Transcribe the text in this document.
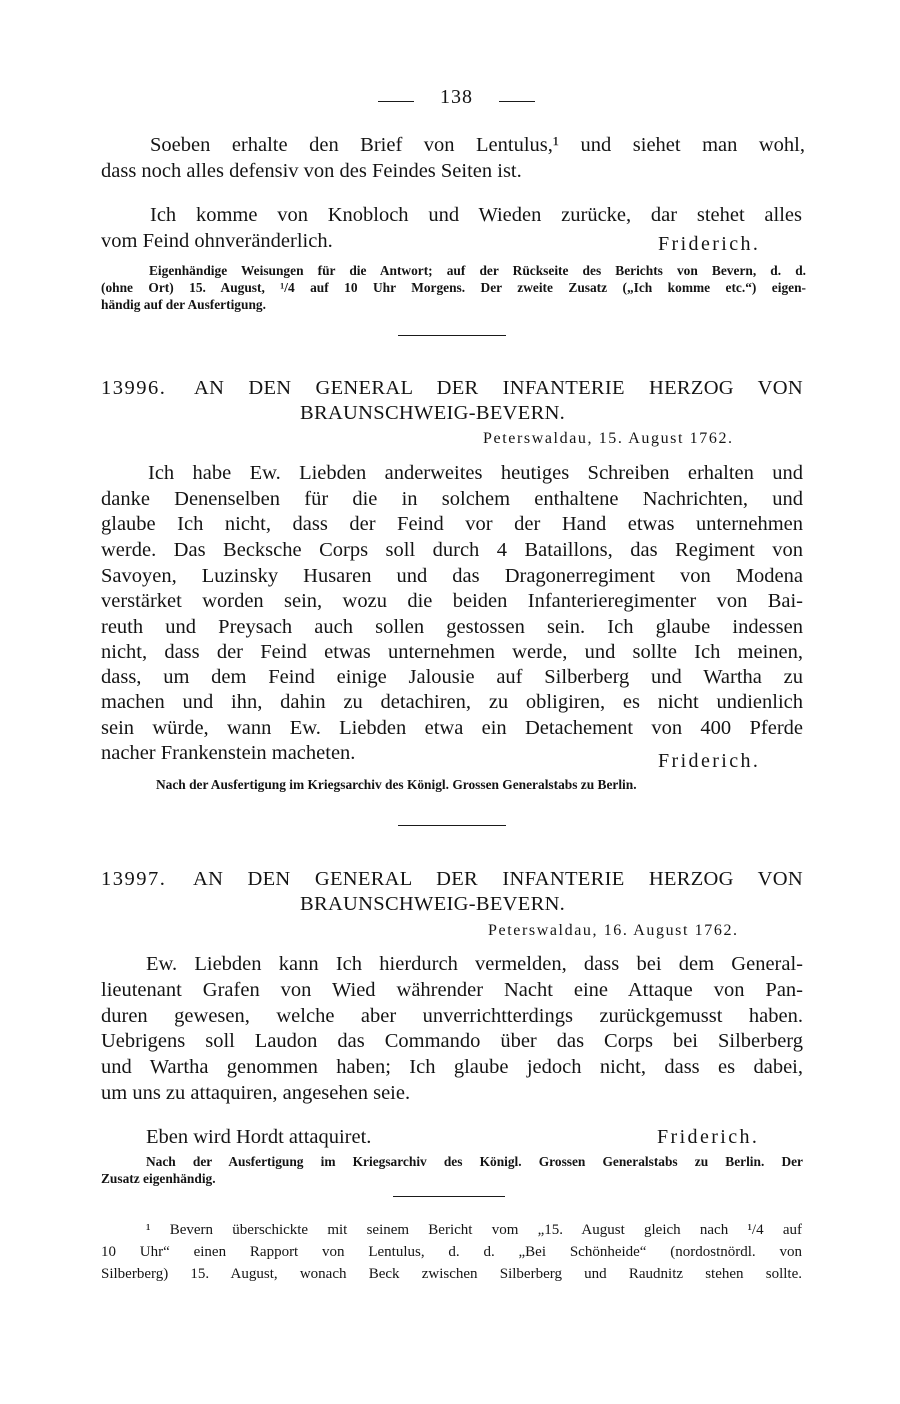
138
Soeben erhalte den Brief von Lentulus,¹ und siehet man wohl,
dass noch alles defensiv von des Feindes Seiten ist.
Ich komme von Knobloch und Wieden zurücke, dar stehet alles
vom Feind ohnveränderlich.	Friderich.
Eigenhändige Weisungen für die Antwort; auf der Rückseite des Berichts von Bevern, d. d.
(ohne Ort) 15. August, ¹/4 auf 10 Uhr Morgens. Der zweite Zusatz („Ich komme etc.“) eigen-
händig auf der Ausfertigung.
13996. AN DEN GENERAL DER INFANTERIE HERZOG VON
BRAUNSCHWEIG-BEVERN.
Peterswaldau, 15. August 1762.
Ich habe Ew. Liebden anderweites heutiges Schreiben erhalten und
danke Denenselben für die in solchem enthaltene Nachrichten, und
glaube Ich nicht, dass der Feind vor der Hand etwas unternehmen
werde. Das Becksche Corps soll durch 4 Bataillons, das Regiment von
Savoyen, Luzinsky Husaren und das Dragonerregiment von Modena
verstärket worden sein, wozu die beiden Infanterieregimenter von Bai-
reuth und Preysach auch sollen gestossen sein. Ich glaube indessen
nicht, dass der Feind etwas unternehmen werde, und sollte Ich meinen,
dass, um dem Feind einige Jalousie auf Silberberg und Wartha zu
machen und ihn, dahin zu detachiren, zu obligiren, es nicht undienlich
sein würde, wann Ew. Liebden etwa ein Detachement von 400 Pferde
nacher Frankenstein macheten.	Friderich.
Nach der Ausfertigung im Kriegsarchiv des Königl. Grossen Generalstabs zu Berlin.
13997. AN DEN GENERAL DER INFANTERIE HERZOG VON
BRAUNSCHWEIG-BEVERN.
Peterswaldau, 16. August 1762.
Ew. Liebden kann Ich hierdurch vermelden, dass bei dem General-
lieutenant Grafen von Wied währender Nacht eine Attaque von Pan-
duren gewesen, welche aber unverrichtterdings zurückgemusst haben.
Uebrigens soll Laudon das Commando über das Corps bei Silberberg
und Wartha genommen haben; Ich glaube jedoch nicht, dass es dabei,
um uns zu attaquiren, angesehen seie.
Eben wird Hordt attaquiret.	Friderich.
Nach der Ausfertigung im Kriegsarchiv des Königl. Grossen Generalstabs zu Berlin. Der
Zusatz eigenhändig.
¹ Bevern überschickte mit seinem Bericht vom „15. August gleich nach ¹/4 auf
10 Uhr“ einen Rapport von Lentulus, d. d. „Bei Schönheide“ (nordostnördl. von
Silberberg) 15. August, wonach Beck zwischen Silberberg und Raudnitz stehen sollte.
